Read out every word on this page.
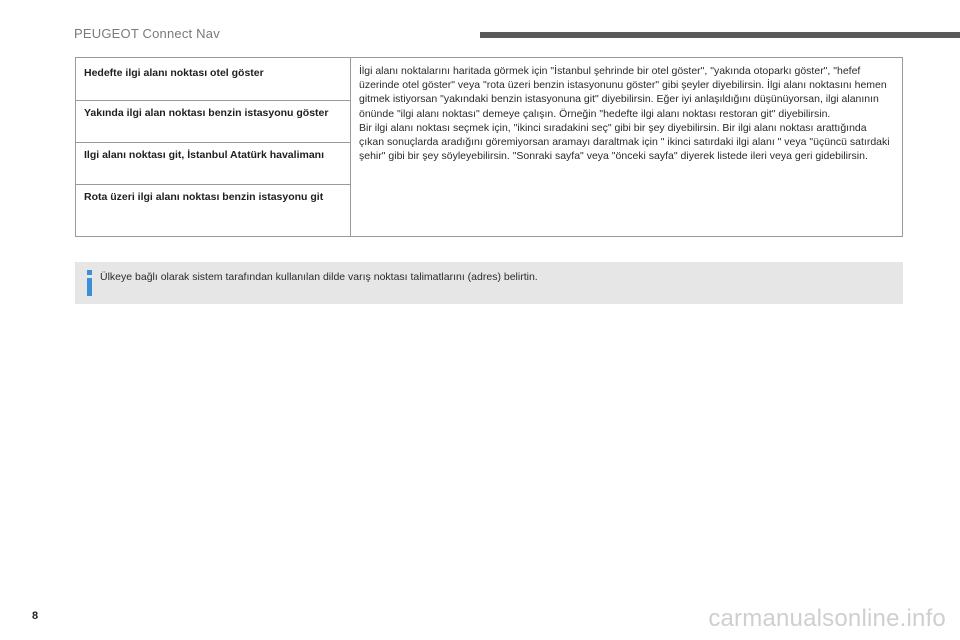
PEUGEOT Connect Nav
Hedefte ilgi alanı noktası otel göster
Yakında ilgi alan noktası benzin istasyonu göster
Ilgi alanı noktası git, İstanbul Atatürk havalimanı
Rota üzeri ilgi alanı noktası benzin istasyonu git
İlgi alanı noktalarını haritada görmek için "İstanbul şehrinde bir otel göster", "yakında otoparkı göster", "hefef üzerinde otel göster" veya "rota üzeri benzin istasyonunu göster" gibi şeyler diyebilirsin. İlgi alanı noktasını hemen gitmek istiyorsan "yakındaki benzin istasyonuna git" diyebilirsin. Eğer iyi anlaşıldığını düşünüyorsan, ilgi alanının önünde "ilgi alanı noktası" demeye çalışın. Örneğin "hedefte ilgi alanı noktası restoran git" diyebilirsin.
Bir ilgi alanı noktası seçmek için, "ikinci sıradakini seç" gibi bir şey diyebilirsin. Bir ilgi alanı noktası arattığında çıkan sonuçlarda aradığını göremiyorsan aramayı daraltmak için " ikinci satırdaki ilgi alanı " veya "üçüncü satırdaki şehir" gibi bir şey söyleyebilirsin. "Sonraki sayfa" veya "önceki sayfa" diyerek listede ileri veya geri gidebilirsin.
Ülkeye bağlı olarak sistem tarafından kullanılan dilde varış noktası talimatlarını (adres) belirtin.
8	carmanualsonline.info
